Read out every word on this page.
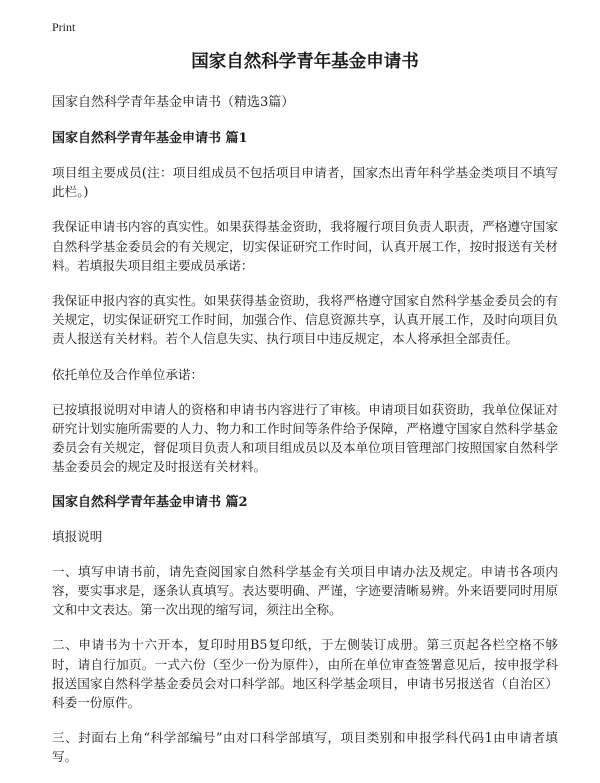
Print
国家自然科学青年基金申请书

国家自然科学青年基金申请书（精选3篇）

国家自然科学青年基金申请书 篇1

项目组主要成员(注：项目组成员不包括项目申请者，国家杰出青年科学基金类项目不填写此栏。)

我保证申请书内容的真实性。如果获得基金资助，我将履行项目负责人职责，严格遵守国家自然科学基金委员会的有关规定，切实保证研究工作时间，认真开展工作，按时报送有关材料。若填报失项目组主要成员承诺：

我保证申报内容的真实性。如果获得基金资助，我将严格遵守国家自然科学基金委员会的有关规定，切实保证研究工作时间，加强合作、信息资源共享，认真开展工作，及时向项目负责人报送有关材料。若个人信息失实、执行项目中违反规定，本人将承担全部责任。

依托单位及合作单位承诺：

已按填报说明对申请人的资格和申请书内容进行了审核。申请项目如获资助，我单位保证对研究计划实施所需要的人力、物力和工作时间等条件给予保障，严格遵守国家自然科学基金委员会有关规定，督促项目负责人和项目组成员以及本单位项目管理部门按照国家自然科学基金委员会的规定及时报送有关材料。

国家自然科学青年基金申请书 篇2

填报说明

一、填写申请书前，请先查阅国家自然科学基金有关项目申请办法及规定。申请书各项内容，要实事求是，逐条认真填写。表达要明确、严谨，字迹要清晰易辨。外来语要同时用原文和中文表达。第一次出现的缩写词，须注出全称。

二、申请书为十六开本，复印时用B5复印纸，于左侧装订成册。第三页起各栏空格不够时，请自行加页。一式六份（至少一份为原件），由所在单位审查签署意见后，按申报学科报送国家自然科学基金委员会对口科学部。地区科学基金项目，申请书另报送省（自治区）科委一份原件。

三、封面右上角“科学部编号”由对口科学部填写，项目类别和申报学科代码1由申请者填写。
